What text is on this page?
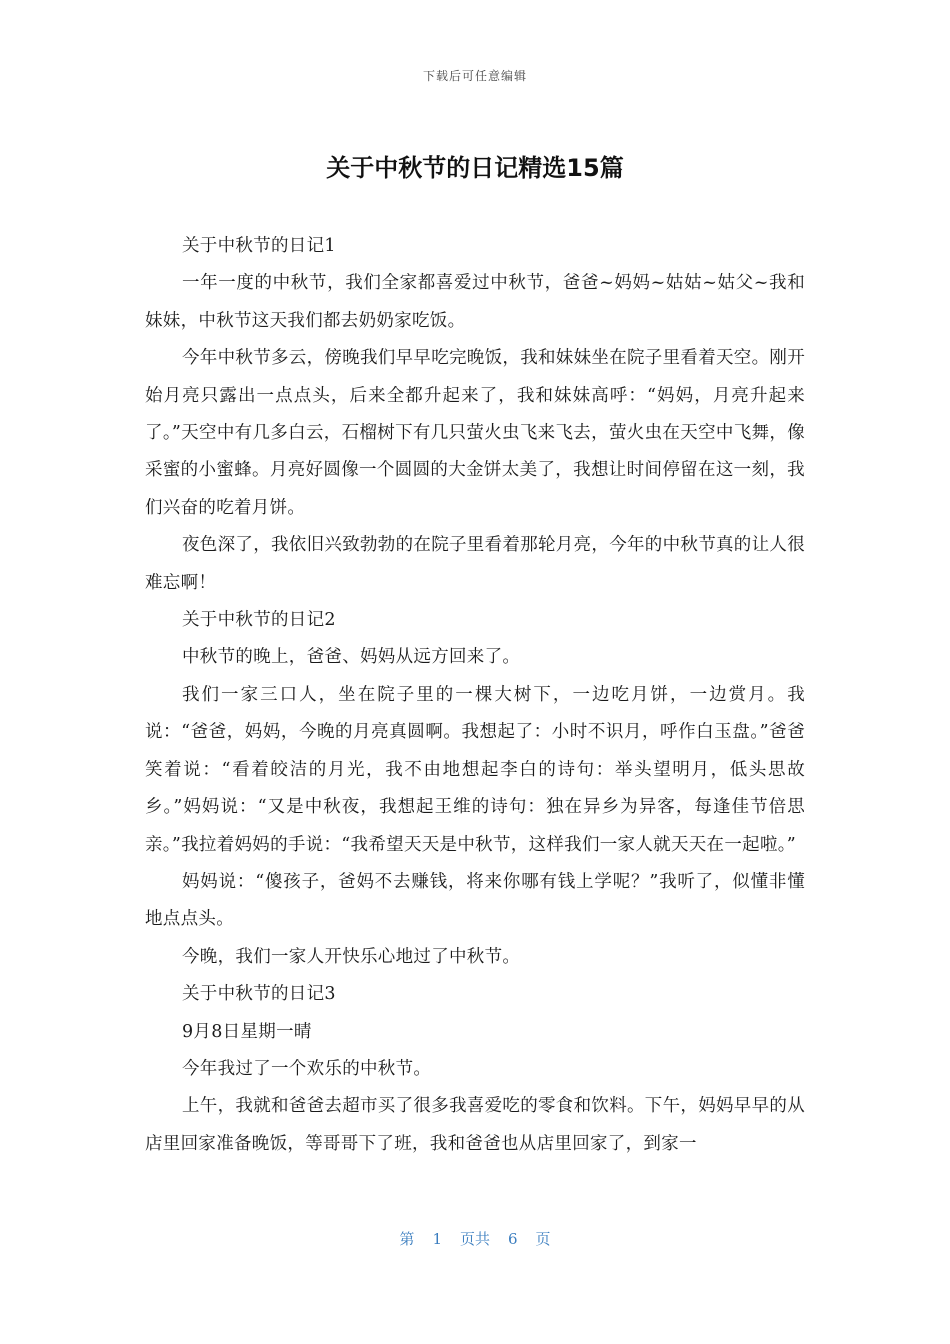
下载后可任意编辑
关于中秋节的日记精选15篇

关于中秋节的日记1

一年一度的中秋节，我们全家都喜爱过中秋节，爸爸~妈妈~姑姑~姑父~我和妹妹，中秋节这天我们都去奶奶家吃饭。

今年中秋节多云，傍晚我们早早吃完晚饭，我和妹妹坐在院子里看着天空。刚开始月亮只露出一点点头，后来全都升起来了，我和妹妹高呼：“妈妈，月亮升起来了。”天空中有几多白云，石榴树下有几只萤火虫飞来飞去，萤火虫在天空中飞舞，像采蜜的小蜜蜂。月亮好圆像一个圆圆的大金饼太美了，我想让时间停留在这一刻，我们兴奋的吃着月饼。

夜色深了，我依旧兴致勃勃的在院子里看着那轮月亮，今年的中秋节真的让人很难忘啊！

关于中秋节的日记2

中秋节的晚上，爸爸、妈妈从远方回来了。

我们一家三口人，坐在院子里的一棵大树下，一边吃月饼，一边赏月。我说：“爸爸，妈妈，今晚的月亮真圆啊。我想起了：小时不识月，呼作白玉盘。”爸爸笑着说：“看着皎洁的月光，我不由地想起李白的诗句：举头望明月，低头思故乡。”妈妈说：“又是中秋夜，我想起王维的诗句：独在异乡为异客，每逢佳节倍思亲。”我拉着妈妈的手说：“我希望天天是中秋节，这样我们一家人就天天在一起啦。”

妈妈说：“傻孩子，爸妈不去赚钱，将来你哪有钱上学呢？”我听了，似懂非懂地点点头。

今晚，我们一家人开快乐心地过了中秋节。

关于中秋节的日记3

9月8日星期一晴

今年我过了一个欢乐的中秋节。

上午，我就和爸爸去超市买了很多我喜爱吃的零食和饮料。下午，妈妈早早的从店里回家准备晚饭，等哥哥下了班，我和爸爸也从店里回家了，到家一

第 1 页共 6 页
